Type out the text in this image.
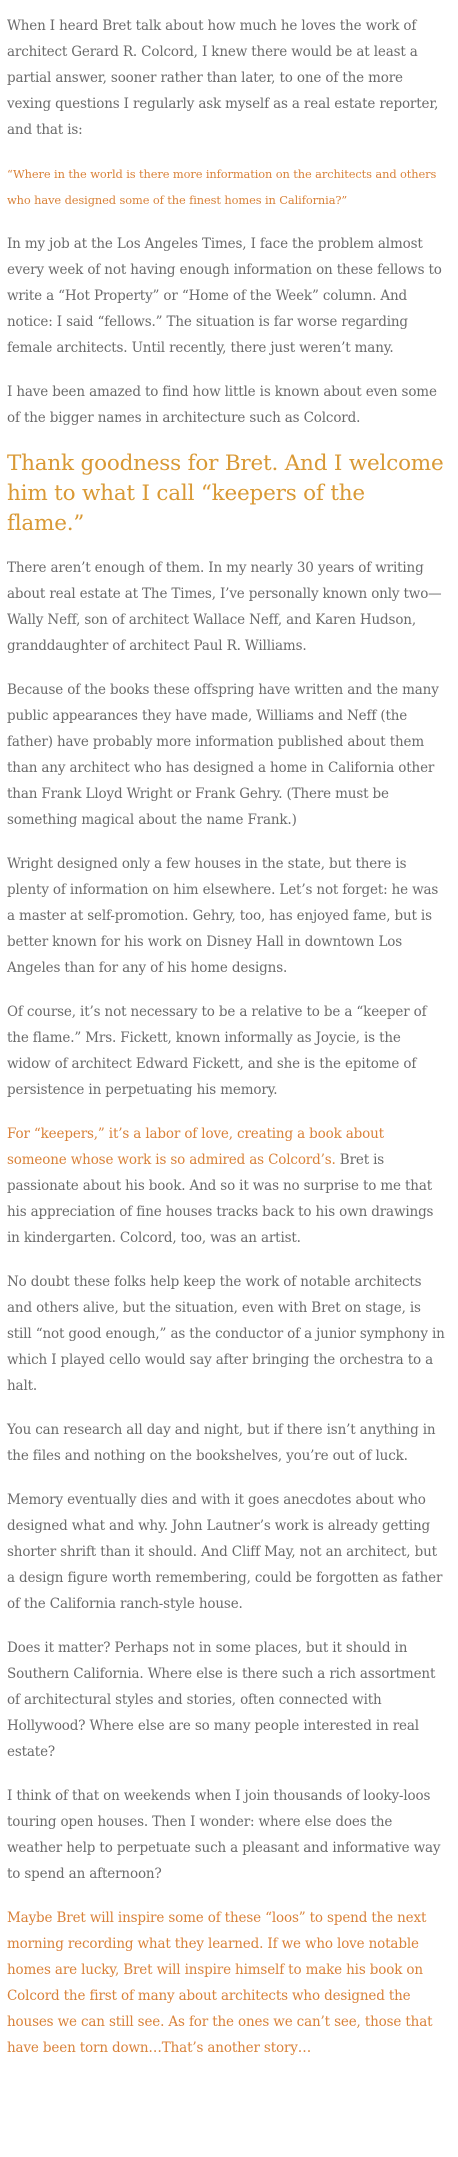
When I heard Bret talk about how much he loves the work of architect Gerard R. Colcord, I knew there would be at least a partial answer, sooner rather than later, to one of the more vexing questions I regularly ask myself as a real estate reporter, and that is:

“Where in the world is there more information on the architects and others who have designed some of the finest homes in California?”

In my job at the Los Angeles Times, I face the problem almost every week of not having enough information on these fellows to write a “Hot Property” or “Home of the Week” column. And notice: I said “fellows.” The situation is far worse regarding female architects. Until recently, there just weren’t many.

I have been amazed to find how little is known about even some of the bigger names in architecture such as Colcord.

Thank goodness for Bret. And I welcome him to what I call “keepers of the flame.”

There aren’t enough of them. In my nearly 30 years of writing about real estate at The Times, I’ve personally known only two—Wally Neff, son of architect Wallace Neff, and Karen Hudson, granddaughter of architect Paul R. Williams.

Because of the books these offspring have written and the many public appearances they have made, Williams and Neff (the father) have probably more information published about them than any architect who has designed a home in California other than Frank Lloyd Wright or Frank Gehry. (There must be something magical about the name Frank.)

Wright designed only a few houses in the state, but there is plenty of information on him elsewhere. Let’s not forget: he was a master at self-promotion. Gehry, too, has enjoyed fame, but is better known for his work on Disney Hall in downtown Los Angeles than for any of his home designs.

Of course, it’s not necessary to be a relative to be a “keeper of the flame.” Mrs. Fickett, known informally as Joycie, is the widow of architect Edward Fickett, and she is the epitome of persistence in perpetuating his memory.

For “keepers,” it’s a labor of love, creating a book about someone whose work is so admired as Colcord’s. Bret is passionate about his book. And so it was no surprise to me that his appreciation of fine houses tracks back to his own drawings in kindergarten. Colcord, too, was an artist.

No doubt these folks help keep the work of notable architects and others alive, but the situation, even with Bret on stage, is still “not good enough,” as the conductor of a junior symphony in which I played cello would say after bringing the orchestra to a halt.

You can research all day and night, but if there isn’t anything in the files and nothing on the bookshelves, you’re out of luck.

Memory eventually dies and with it goes anecdotes about who designed what and why. John Lautner’s work is already getting shorter shrift than it should. And Cliff May, not an architect, but a design figure worth remembering, could be forgotten as father of the California ranch-style house.

Does it matter? Perhaps not in some places, but it should in Southern California. Where else is there such a rich assortment of architectural styles and stories, often connected with Hollywood? Where else are so many people interested in real estate?

I think of that on weekends when I join thousands of looky-loos touring open houses. Then I wonder: where else does the weather help to perpetuate such a pleasant and informative way to spend an afternoon?

Maybe Bret will inspire some of these “loos” to spend the next morning recording what they learned. If we who love notable homes are lucky, Bret will inspire himself to make his book on Colcord the first of many about architects who designed the houses we can still see. As for the ones we can’t see, those that have been torn down…That’s another story…
